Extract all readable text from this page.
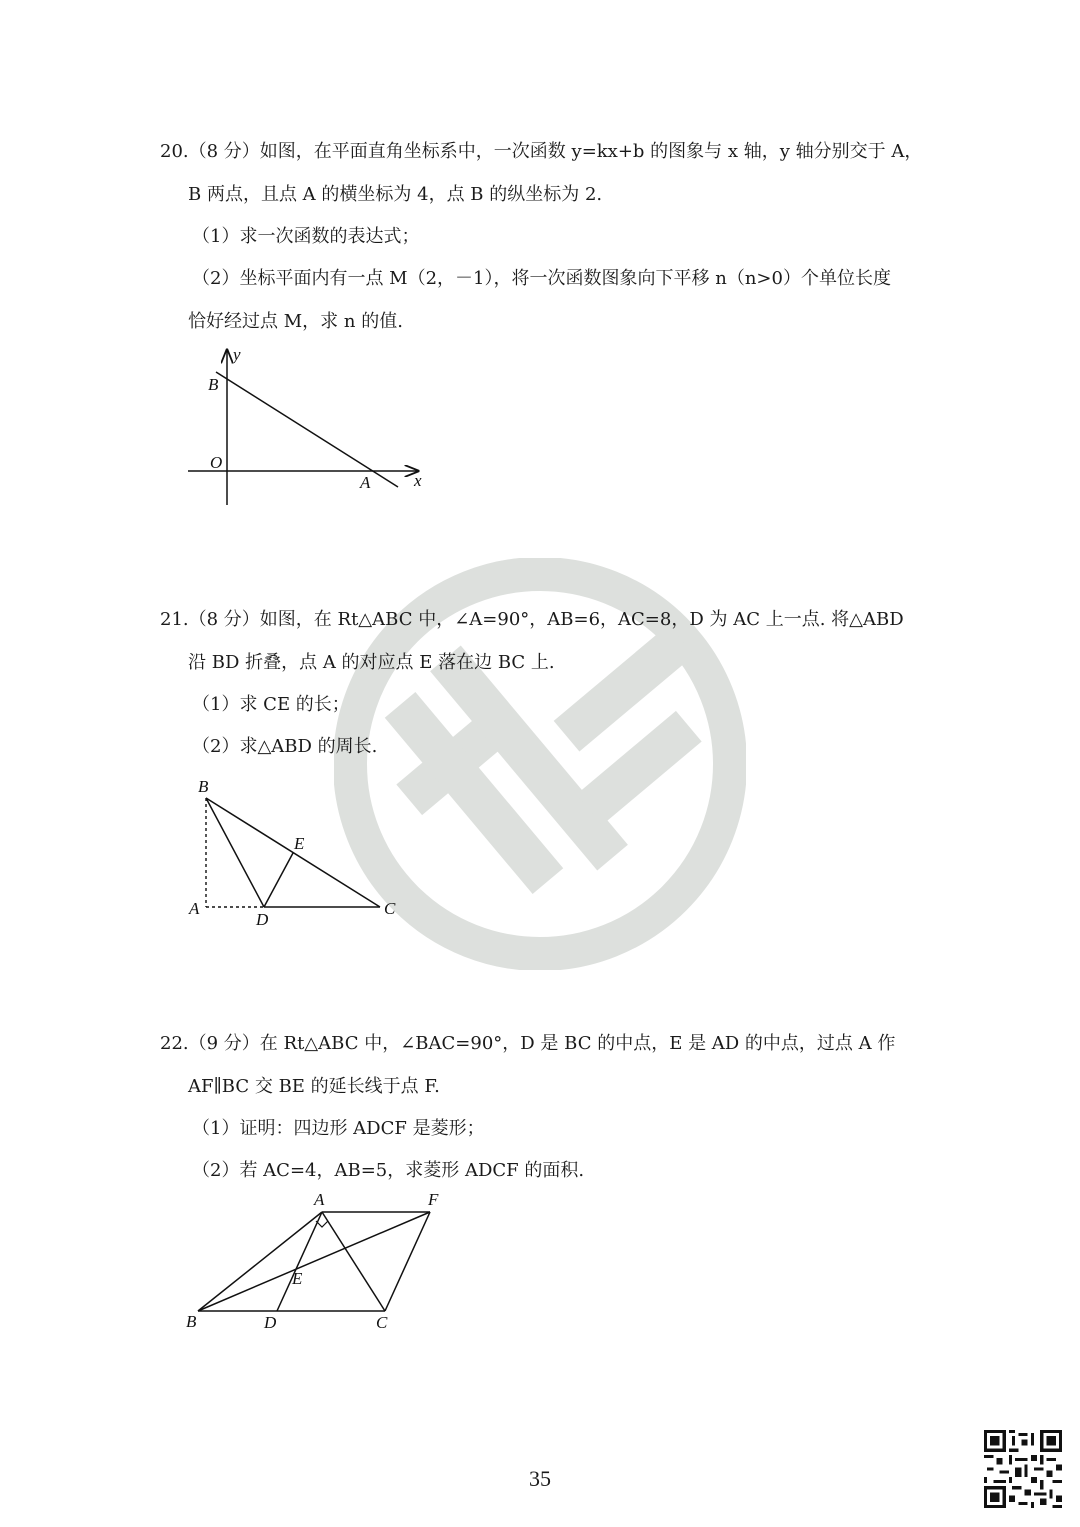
20.（8 分）如图，在平面直角坐标系中，一次函数 y=kx+b 的图象与 x 轴，y 轴分别交于 A，
B 两点，且点 A 的横坐标为 4，点 B 的纵坐标为 2.
（1）求一次函数的表达式；
（2）坐标平面内有一点 M（2，－1），将一次函数图象向下平移 n（n>0）个单位长度
恰好经过点 M，求 n 的值.
y
x
O
B
A
21.（8 分）如图，在 Rt△ABC 中，∠A=90°，AB=6，AC=8，D 为 AC 上一点. 将△ABD
沿 BD 折叠，点 A 的对应点 E 落在边 BC 上.
（1）求 CE 的长；
（2）求△ABD 的周长.
B
A
D
C
E
22.（9 分）在 Rt△ABC 中，∠BAC=90°，D 是 BC 的中点，E 是 AD 的中点，过点 A 作
AF∥BC 交 BE 的延长线于点 F.
（1）证明：四边形 ADCF 是菱形；
（2）若 AC=4，AB=5，求菱形 ADCF 的面积.
A	F
E
B	D	C
35
